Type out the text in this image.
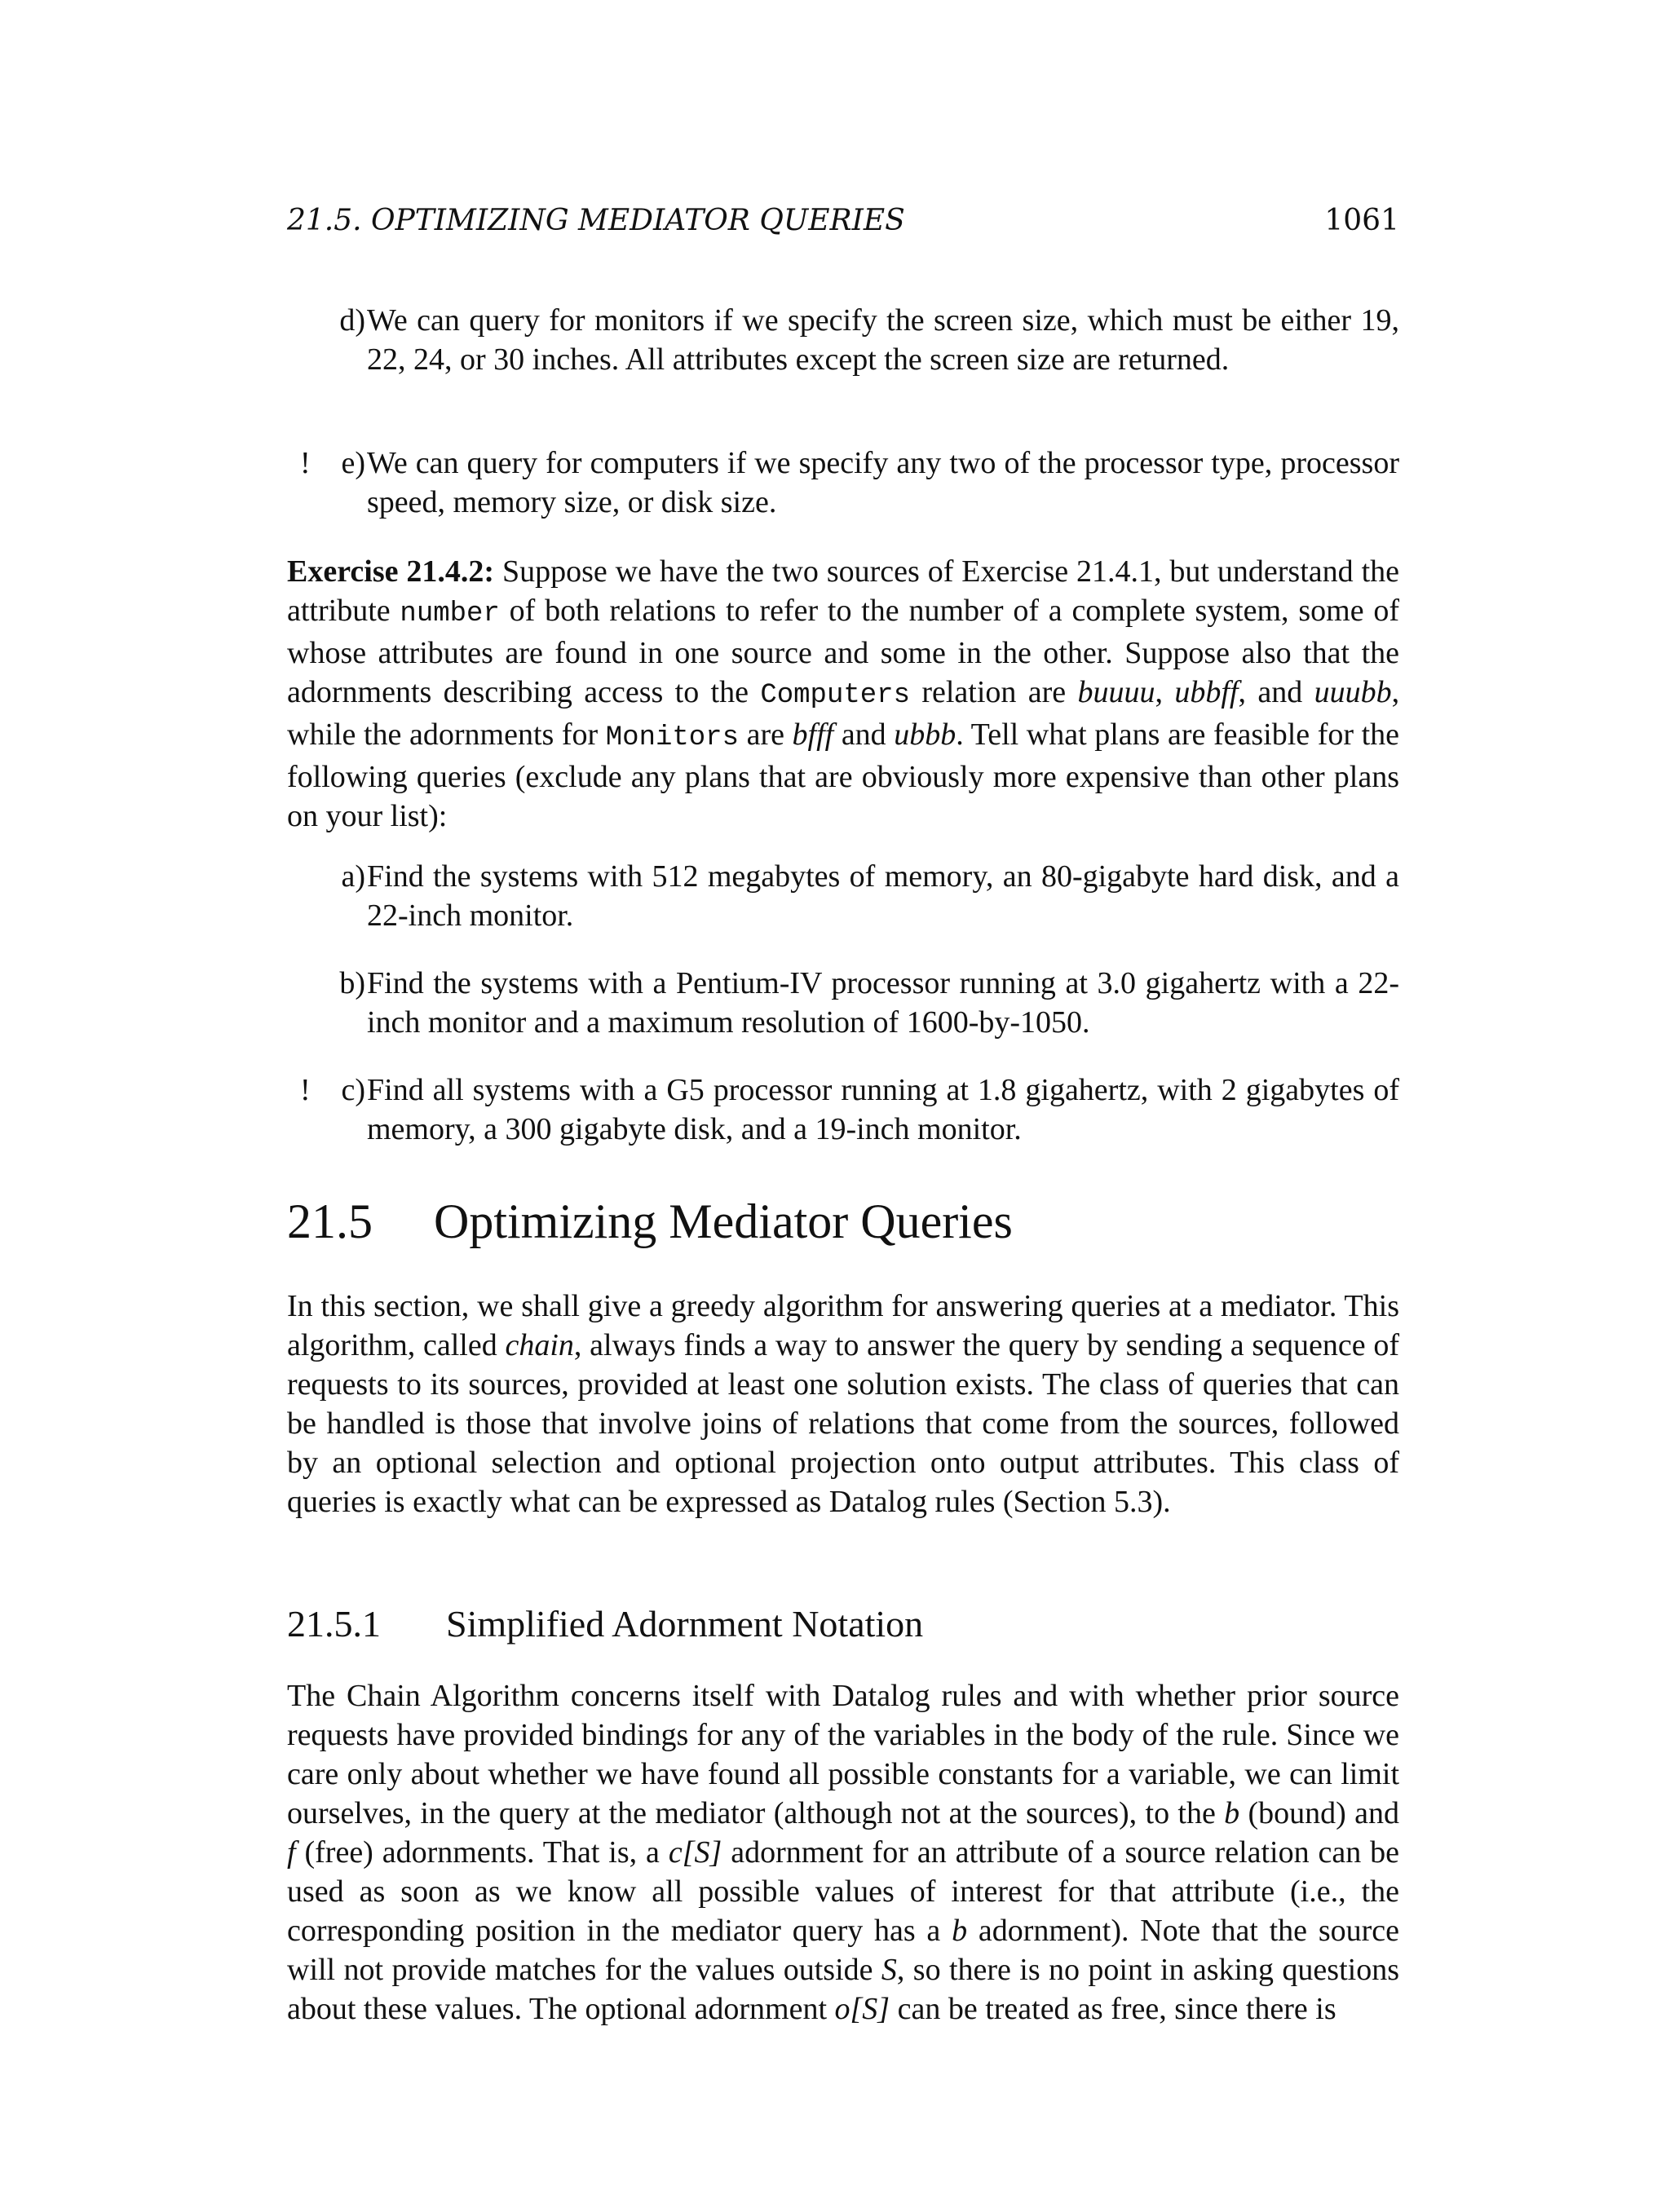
21.5. OPTIMIZING MEDIATOR QUERIES	1061
d) We can query for monitors if we specify the screen size, which must be either 19, 22, 24, or 30 inches. All attributes except the screen size are returned.
! e) We can query for computers if we specify any two of the processor type, processor speed, memory size, or disk size.
Exercise 21.4.2: Suppose we have the two sources of Exercise 21.4.1, but understand the attribute number of both relations to refer to the number of a complete system, some of whose attributes are found in one source and some in the other. Suppose also that the adornments describing access to the Computers relation are buuuu, ubbff, and uuubb, while the adornments for Monitors are bfff and ubbb. Tell what plans are feasible for the following queries (exclude any plans that are obviously more expensive than other plans on your list):
a) Find the systems with 512 megabytes of memory, an 80-gigabyte hard disk, and a 22-inch monitor.
b) Find the systems with a Pentium-IV processor running at 3.0 gigahertz with a 22-inch monitor and a maximum resolution of 1600-by-1050.
! c) Find all systems with a G5 processor running at 1.8 gigahertz, with 2 gigabytes of memory, a 300 gigabyte disk, and a 19-inch monitor.
21.5 Optimizing Mediator Queries
In this section, we shall give a greedy algorithm for answering queries at a mediator. This algorithm, called chain, always finds a way to answer the query by sending a sequence of requests to its sources, provided at least one solution exists. The class of queries that can be handled is those that involve joins of relations that come from the sources, followed by an optional selection and optional projection onto output attributes. This class of queries is exactly what can be expressed as Datalog rules (Section 5.3).
21.5.1 Simplified Adornment Notation
The Chain Algorithm concerns itself with Datalog rules and with whether prior source requests have provided bindings for any of the variables in the body of the rule. Since we care only about whether we have found all possible constants for a variable, we can limit ourselves, in the query at the mediator (although not at the sources), to the b (bound) and f (free) adornments. That is, a c[S] adornment for an attribute of a source relation can be used as soon as we know all possible values of interest for that attribute (i.e., the corresponding position in the mediator query has a b adornment). Note that the source will not provide matches for the values outside S, so there is no point in asking questions about these values. The optional adornment o[S] can be treated as free, since there is
